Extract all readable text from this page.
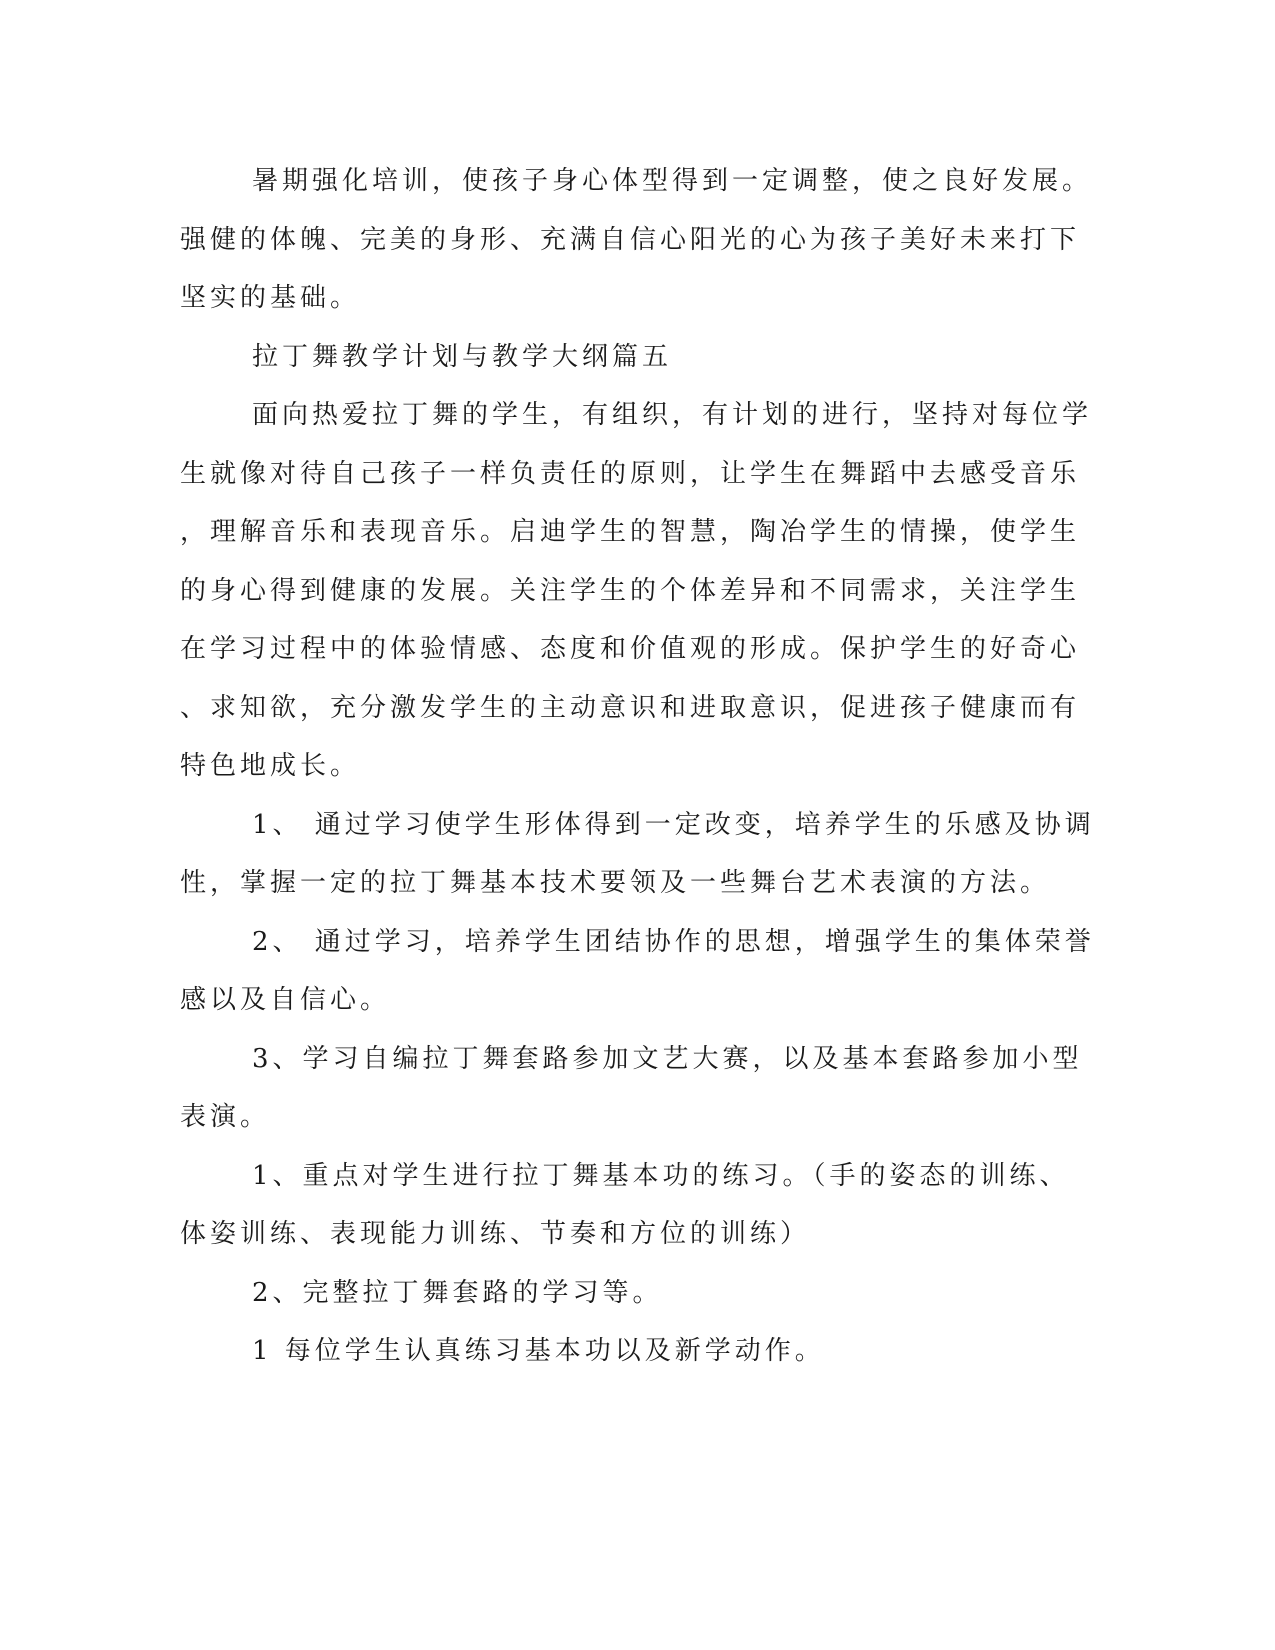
暑期强化培训，使孩子身心体型得到一定调整，使之良好发展。
强健的体魄、完美的身形、充满自信心阳光的心为孩子美好未来打下
坚实的基础。
拉丁舞教学计划与教学大纲篇五
面向热爱拉丁舞的学生，有组织，有计划的进行，坚持对每位学
生就像对待自己孩子一样负责任的原则，让学生在舞蹈中去感受音乐
，理解音乐和表现音乐。启迪学生的智慧，陶冶学生的情操，使学生
的身心得到健康的发展。关注学生的个体差异和不同需求，关注学生
在学习过程中的体验情感、态度和价值观的形成。保护学生的好奇心
、求知欲，充分激发学生的主动意识和进取意识，促进孩子健康而有
特色地成长。
1、 通过学习使学生形体得到一定改变，培养学生的乐感及协调
性，掌握一定的拉丁舞基本技术要领及一些舞台艺术表演的方法。
2、 通过学习，培养学生团结协作的思想，增强学生的集体荣誉
感以及自信心。
3、学习自编拉丁舞套路参加文艺大赛，以及基本套路参加小型
表演。
1、重点对学生进行拉丁舞基本功的练习。（手的姿态的训练、
体姿训练、表现能力训练、节奏和方位的训练）
2、完整拉丁舞套路的学习等。
1 每位学生认真练习基本功以及新学动作。
